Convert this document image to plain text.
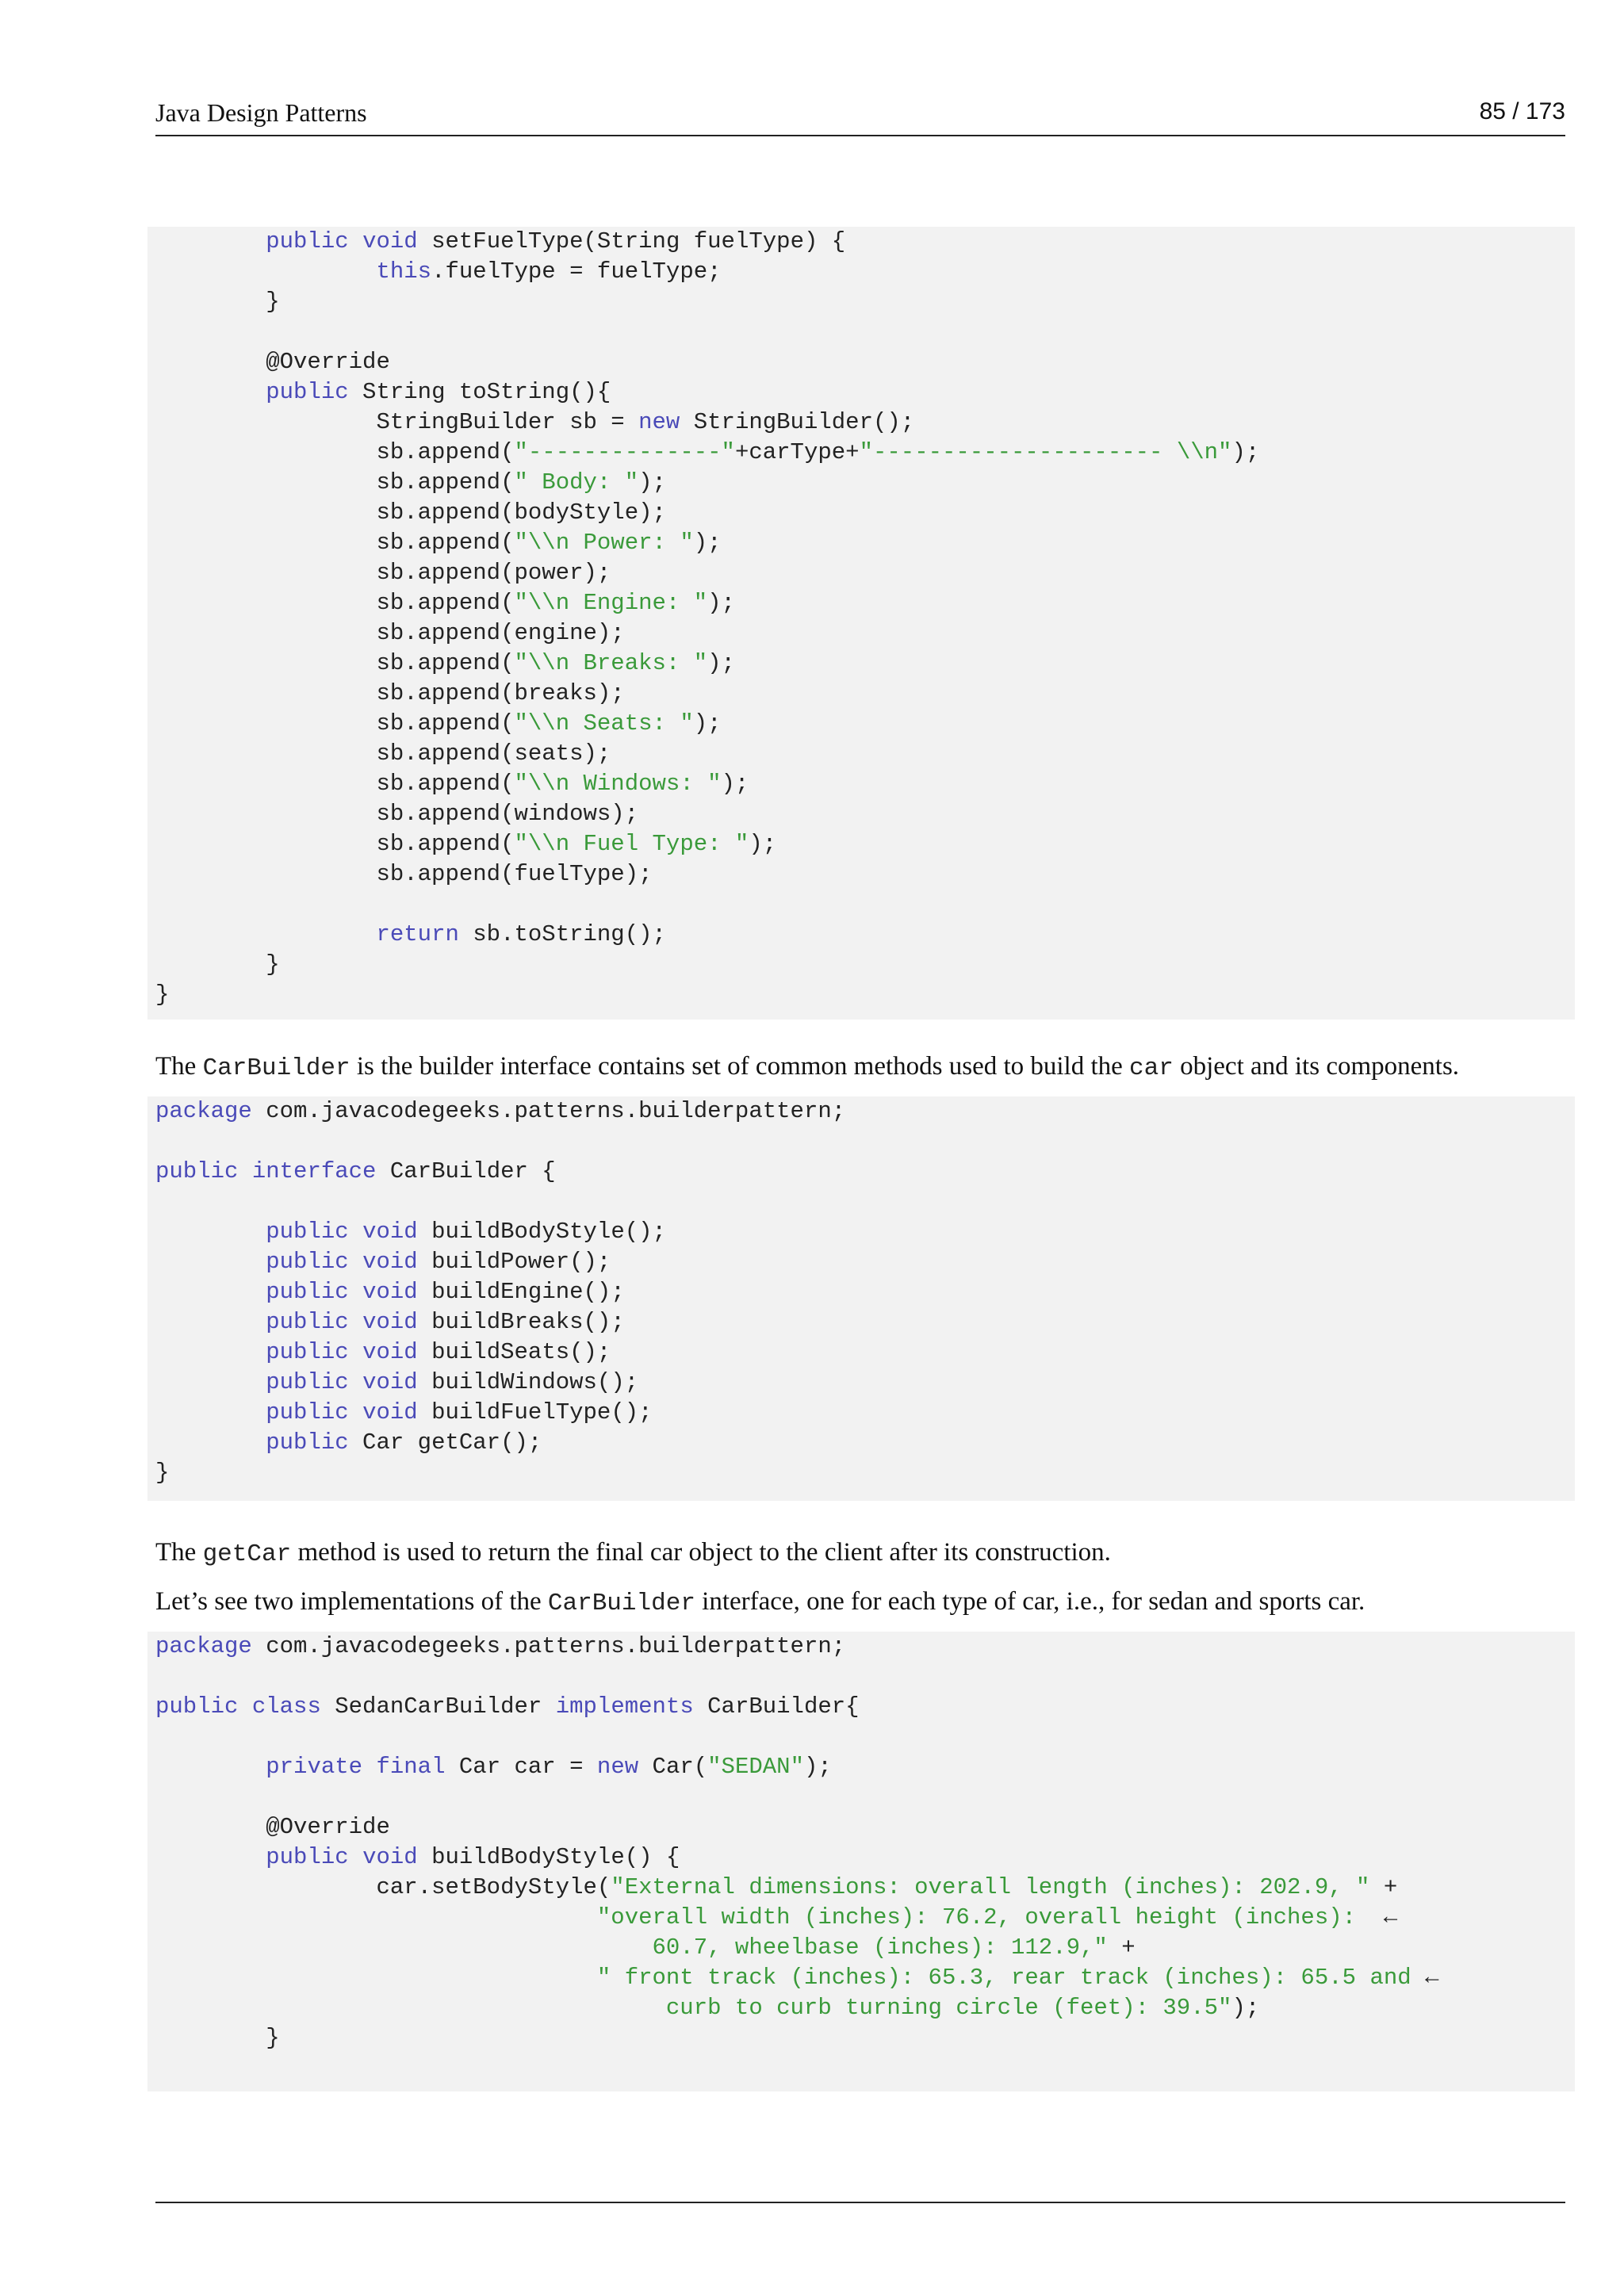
Java Design Patterns	85 / 173
public void setFuelType(String fuelType) {
this.fuelType = fuelType;
}
@Override
public String toString(){
StringBuilder sb = new StringBuilder();
sb.append("--------------"+carType+"--------------------- \\n");
sb.append(" Body: ");
sb.append(bodyStyle);
sb.append("\\n Power: ");
sb.append(power);
sb.append("\\n Engine: ");
sb.append(engine);
sb.append("\\n Breaks: ");
sb.append(breaks);
sb.append("\\n Seats: ");
sb.append(seats);
sb.append("\\n Windows: ");
sb.append(windows);
sb.append("\\n Fuel Type: ");
sb.append(fuelType);
return sb.toString();
}
}
The CarBuilder is the builder interface contains set of common methods used to build the car object and its components.
package com.javacodegeeks.patterns.builderpattern;
public interface CarBuilder {
public void buildBodyStyle();
public void buildPower();
public void buildEngine();
public void buildBreaks();
public void buildSeats();
public void buildWindows();
public void buildFuelType();
public Car getCar();
}
The getCar method is used to return the final car object to the client after its construction.
Let’s see two implementations of the CarBuilder interface, one for each type of car, i.e., for sedan and sports car.
package com.javacodegeeks.patterns.builderpattern;
public class SedanCarBuilder implements CarBuilder{
private final Car car = new Car("SEDAN");
@Override
public void buildBodyStyle() {
car.setBodyStyle("External dimensions: overall length (inches): 202.9, " +
"overall width (inches): 76.2, overall height (inches):  ←
60.7, wheelbase (inches): 112.9," +
" front track (inches): 65.3, rear track (inches): 65.5 and ←
curb to curb turning circle (feet): 39.5");
}
